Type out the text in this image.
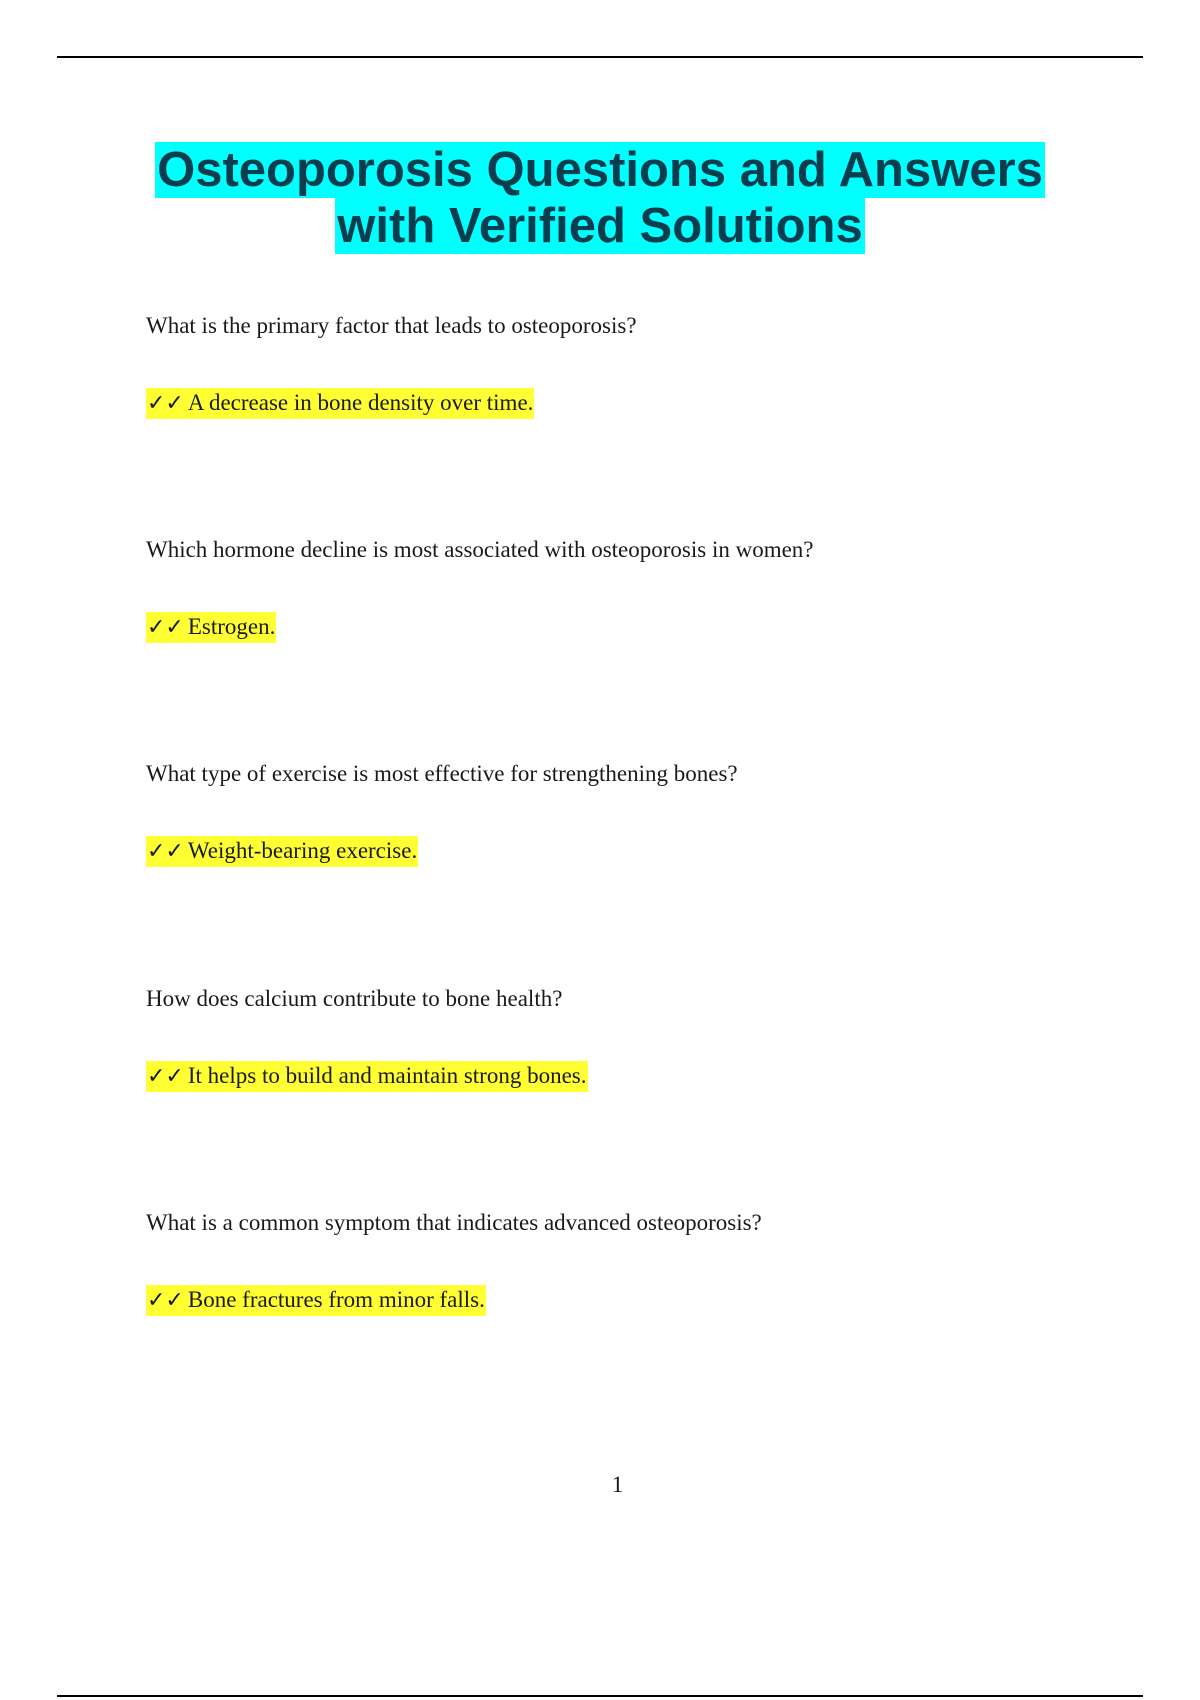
Osteoporosis Questions and Answers
with Verified Solutions
What is the primary factor that leads to osteoporosis?
✓✓ A decrease in bone density over time.
Which hormone decline is most associated with osteoporosis in women?
✓✓ Estrogen.
What type of exercise is most effective for strengthening bones?
✓✓ Weight-bearing exercise.
How does calcium contribute to bone health?
✓✓ It helps to build and maintain strong bones.
What is a common symptom that indicates advanced osteoporosis?
✓✓ Bone fractures from minor falls.
1
